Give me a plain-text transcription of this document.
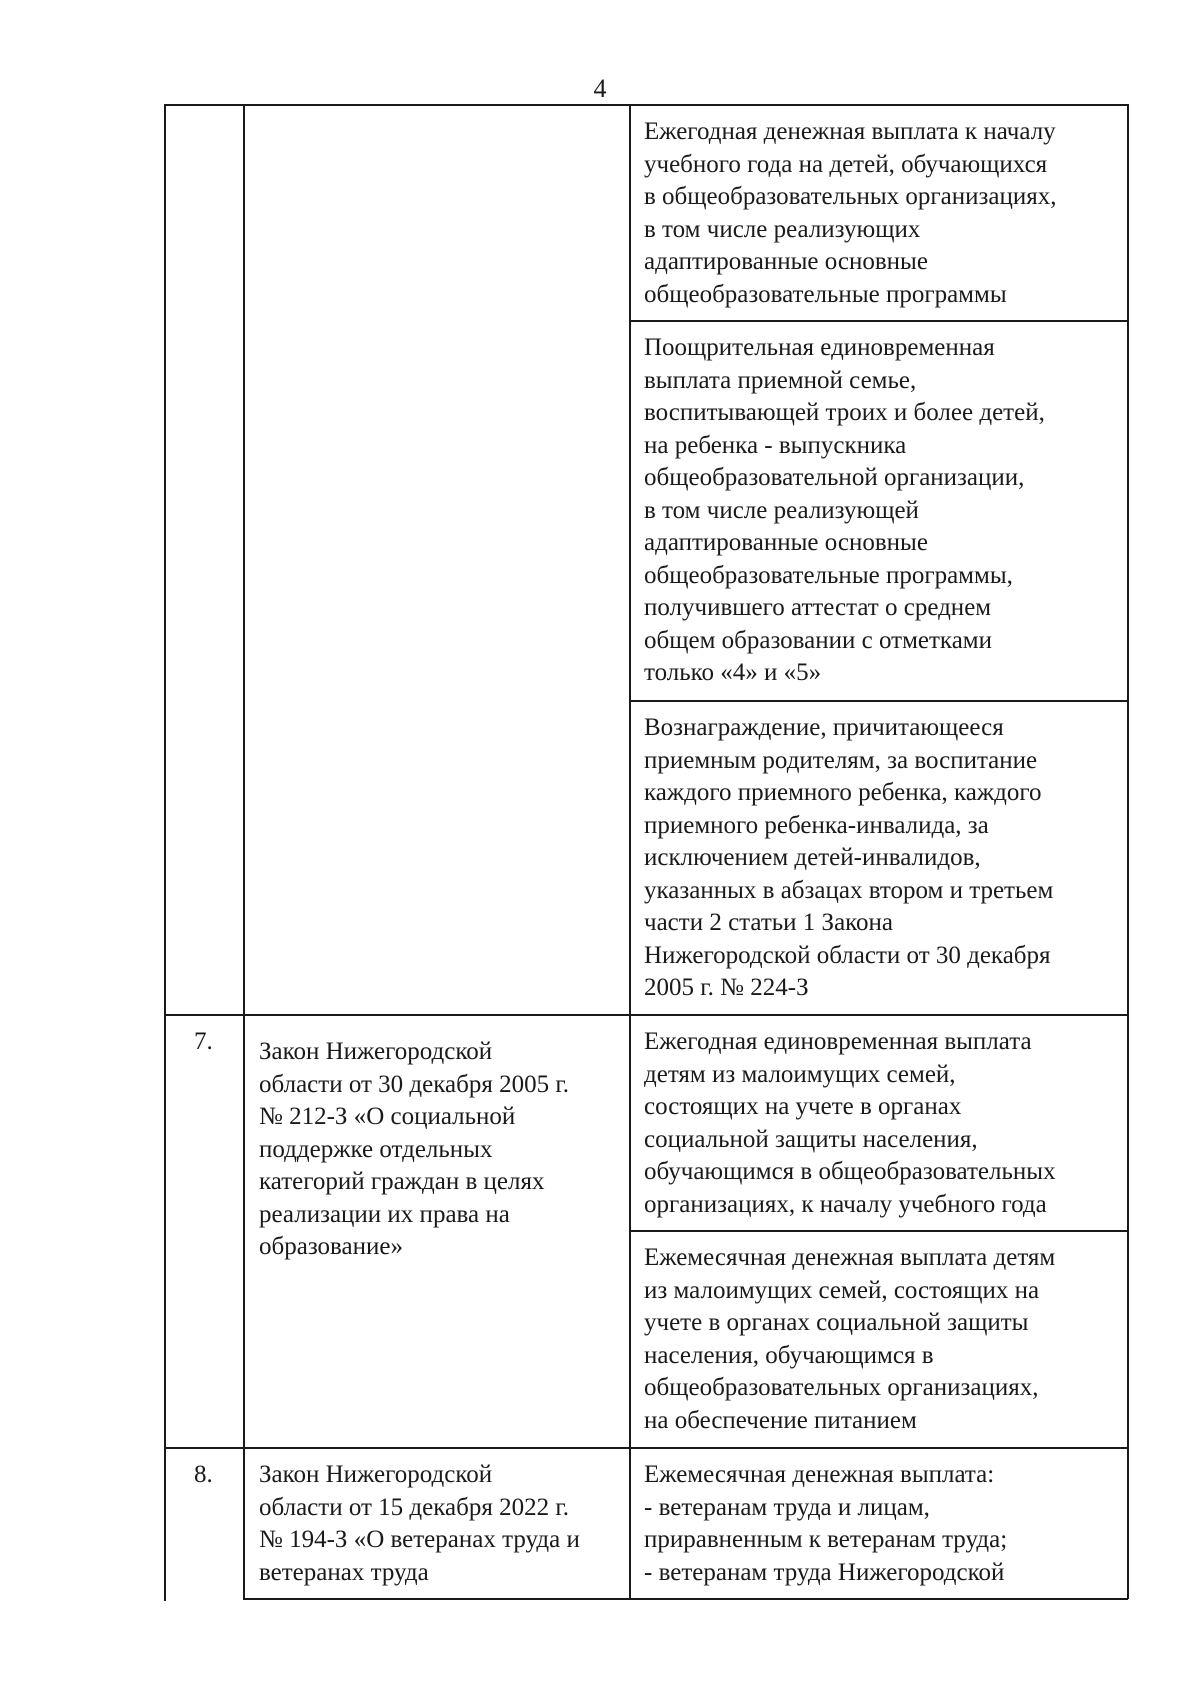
4
Ежегодная денежная выплата к началу
учебного года на детей, обучающихся
в общеобразовательных организациях,
в том числе реализующих
адаптированные основные
общеобразовательные программы
Поощрительная единовременная
выплата приемной семье,
воспитывающей троих и более детей,
на ребенка - выпускника
общеобразовательной организации,
в том числе реализующей
адаптированные основные
общеобразовательные программы,
получившего аттестат о среднем
общем образовании с отметками
только «4» и «5»
Вознаграждение, причитающееся
приемным родителям, за воспитание
каждого приемного ребенка, каждого
приемного ребенка-инвалида, за
исключением детей-инвалидов,
указанных в абзацах втором и третьем
части 2 статьи 1 Закона
Нижегородской области от 30 декабря
2005 г. № 224-З
7.	Закон Нижегородской
области от 30 декабря 2005 г.
№ 212-З «О социальной
поддержке отдельных
категорий граждан в целях
реализации их права на
образование»
Ежегодная единовременная выплата
детям из малоимущих семей,
состоящих на учете в органах
социальной защиты населения,
обучающимся в общеобразовательных
организациях, к началу учебного года
Ежемесячная денежная выплата детям
из малоимущих семей, состоящих на
учете в органах социальной защиты
населения, обучающимся в
общеобразовательных организациях,
на обеспечение питанием
8.	Закон Нижегородской
области от 15 декабря 2022 г.
№ 194-З «О ветеранах труда и
ветеранах труда
Ежемесячная денежная выплата:
- ветеранам труда и лицам,
приравненным к ветеранам труда;
- ветеранам труда Нижегородской
